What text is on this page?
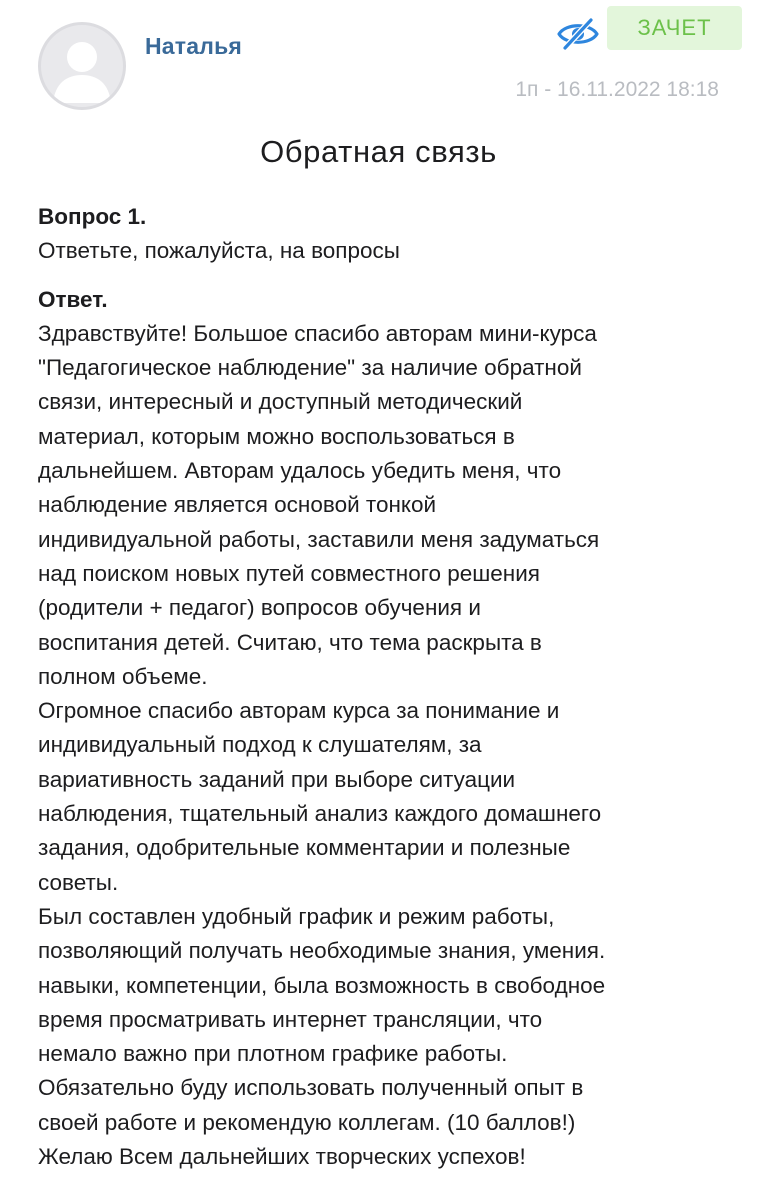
Наталья
ЗАЧЕТ
1п - 16.11.2022 18:18
Обратная связь

Вопрос 1.

Ответьте, пожалуйста, на вопросы

Ответ.

Здравствуйте! Большое спасибо авторам мини-курса

"Педагогическое наблюдение" за наличие обратной

связи, интересный и доступный методический

материал, которым можно воспользоваться в

дальнейшем. Авторам удалось убедить меня, что

наблюдение является основой тонкой

индивидуальной работы, заставили меня задуматься

над поиском новых путей совместного решения

(родители + педагог) вопросов обучения и

воспитания детей. Считаю, что тема раскрыта в

полном объеме.

Огромное спасибо авторам курса за понимание и

индивидуальный подход к слушателям, за

вариативность заданий при выборе ситуации

наблюдения, тщательный анализ каждого домашнего

задания, одобрительные комментарии и полезные

советы.

Был составлен удобный график и режим работы,

позволяющий получать необходимые знания, умения.

навыки, компетенции, была возможность в свободное

время просматривать интернет трансляции, что

немало важно при плотном графике работы.

Обязательно буду использовать полученный опыт в

своей работе и рекомендую коллегам. (10 баллов!)

Желаю Всем дальнейших творческих успехов!
